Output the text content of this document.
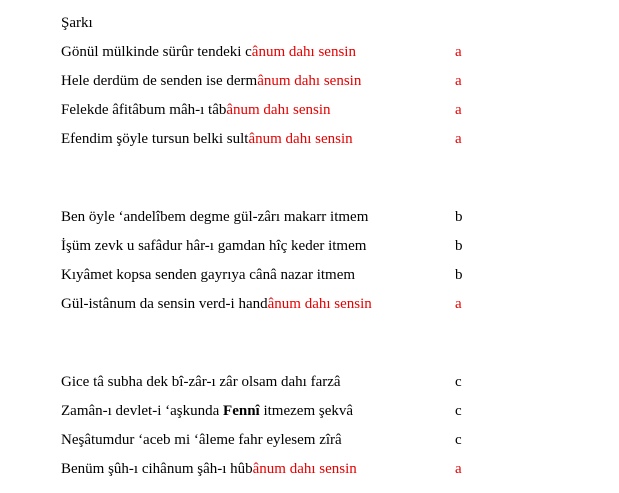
Şarkı
Gönül mülkinde sürûr tendeki cânum dahı sensin	a
Hele derdüm de senden ise dermânum dahı sensin	a
Felekde âfitâbum mâh-ı tâbânum dahı sensin	a
Efendim şöyle tursun belki sultânum dahı sensin	a
Ben öyle ‘andelîbem degme gül-zârı makarr itmem	b
İşüm zevk u safâdur hâr-ı gamdan hîç keder itmem	b
Kıyâmet kopsa senden gayrıya cânâ nazar itmem	b
Gül-istânum da sensin verd-i handânum dahı sensin	a
Gice tâ subha dek bî-zâr-ı zâr olsam dahı farzâ	c
Zamân-ı devlet-i ‘aşkunda Fennî itmezem şekvâ	c
Neşâtumdur ‘aceb mi ‘âleme fahr eylesem zîrâ	c
Benüm şûh-ı cihânum şâh-ı hûbânum dahı sensin	a
